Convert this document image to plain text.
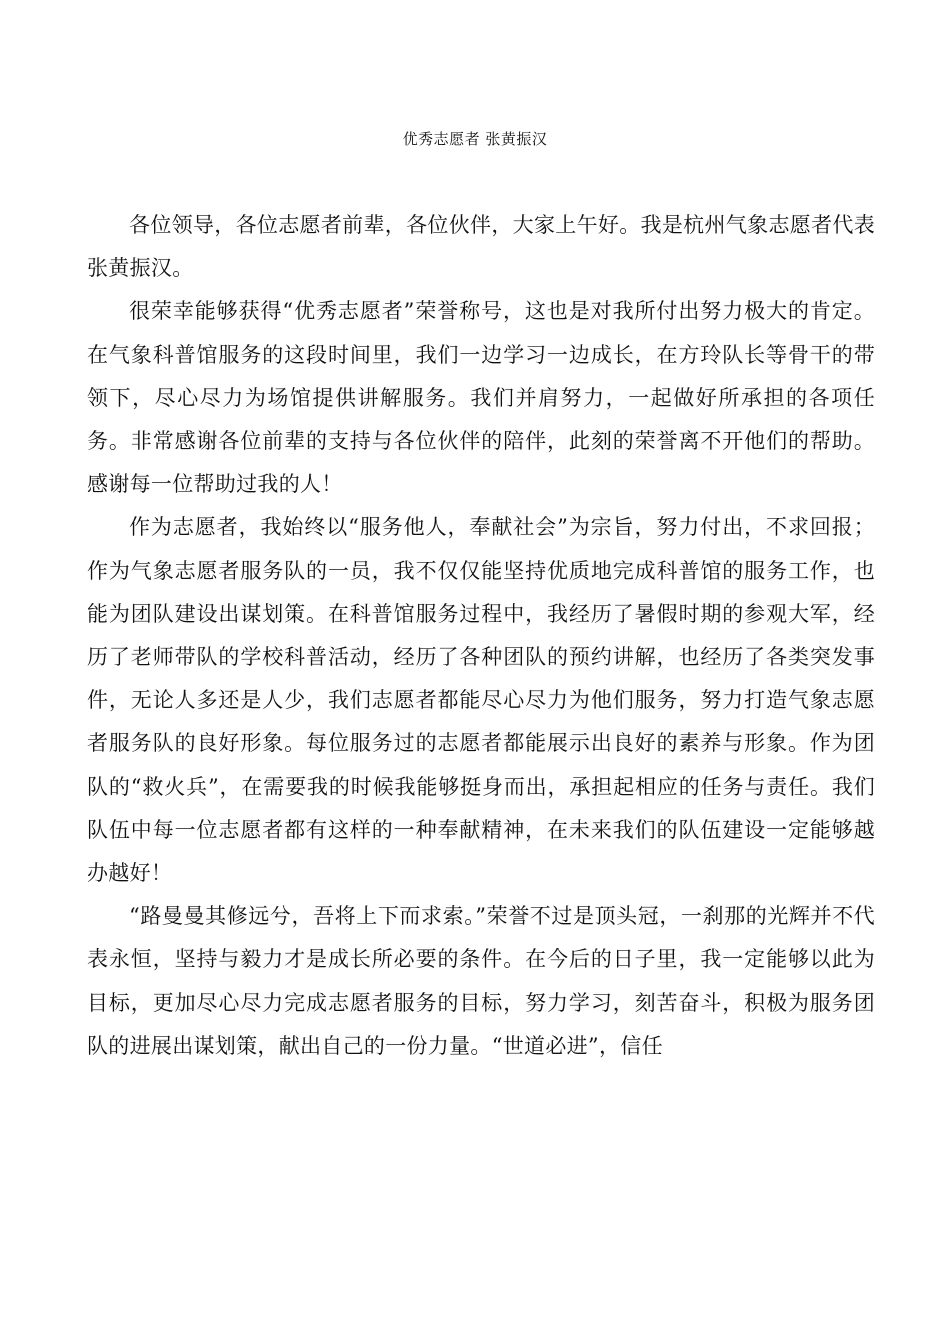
优秀志愿者 张黄振汉

各位领导，各位志愿者前辈，各位伙伴，大家上午好。我是杭州气象志愿者代表张黄振汉。

很荣幸能够获得“优秀志愿者”荣誉称号，这也是对我所付出努力极大的肯定。在气象科普馆服务的这段时间里，我们一边学习一边成长，在方玲队长等骨干的带领下，尽心尽力为场馆提供讲解服务。我们并肩努力，一起做好所承担的各项任务。非常感谢各位前辈的支持与各位伙伴的陪伴，此刻的荣誉离不开他们的帮助。感谢每一位帮助过我的人！

作为志愿者，我始终以“服务他人，奉献社会”为宗旨，努力付出，不求回报；作为气象志愿者服务队的一员，我不仅仅能坚持优质地完成科普馆的服务工作，也能为团队建设出谋划策。在科普馆服务过程中，我经历了暑假时期的参观大军，经历了老师带队的学校科普活动，经历了各种团队的预约讲解，也经历了各类突发事件，无论人多还是人少，我们志愿者都能尽心尽力为他们服务，努力打造气象志愿者服务队的良好形象。每位服务过的志愿者都能展示出良好的素养与形象。作为团队的“救火兵”，在需要我的时候我能够挺身而出，承担起相应的任务与责任。我们队伍中每一位志愿者都有这样的一种奉献精神，在未来我们的队伍建设一定能够越办越好！

“路曼曼其修远兮，吾将上下而求索。”荣誉不过是顶头冠，一刹那的光辉并不代表永恒，坚持与毅力才是成长所必要的条件。在今后的日子里，我一定能够以此为目标，更加尽心尽力完成志愿者服务的目标，努力学习，刻苦奋斗，积极为服务团队的进展出谋划策，献出自己的一份力量。“世道必进”，信任
